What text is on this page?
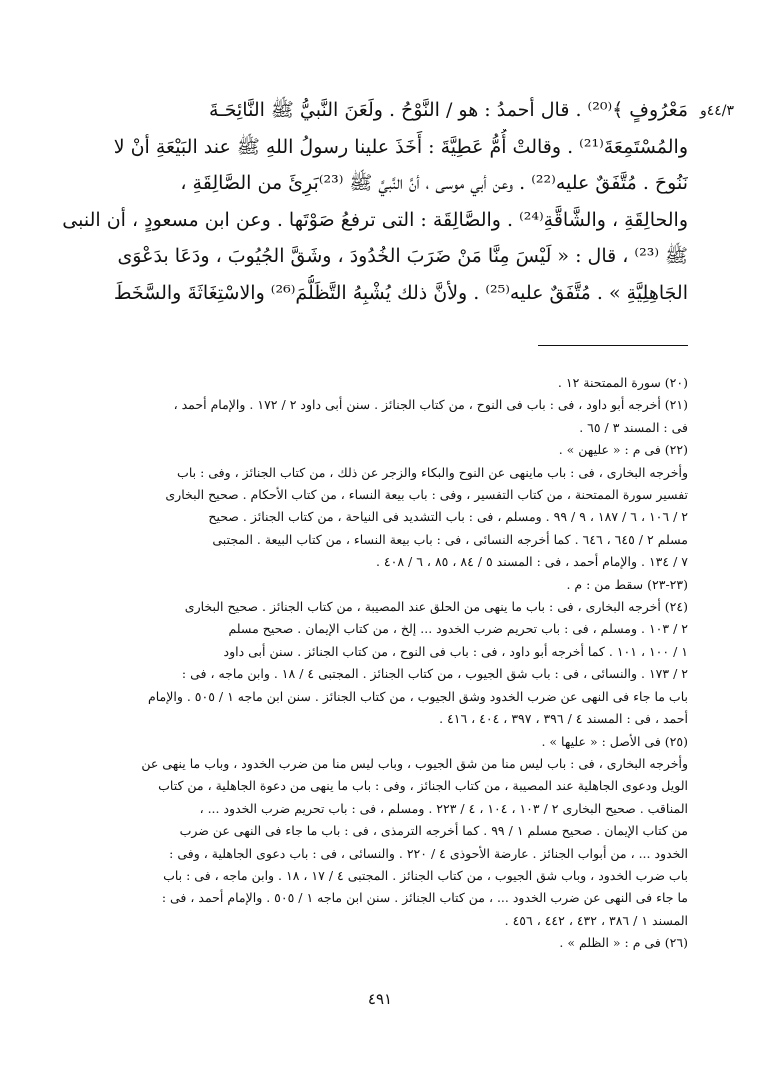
٤٤/٣و
مَعْرُوفٍ ﴾⁽²⁰⁾ . قال أحمدُ : هو / النَّوْحُ . ولَعَنَ النَّبيُّ ﷺ النَّائِحَـةَ
والمُسْتَمِعَةَ⁽²¹⁾ . وقالتْ أُمُّ عَطِيَّةَ : أَخَذَ علينا رسولُ اللهِ ﷺ عند البَيْعَةِ أنْ لا
نَنُوحَ . مُتَّفَقٌ عليه⁽²²⁾ . وعن أبي موسى ، أنَّ النَّبيَّ ﷺ ⁽²³⁾بَرِئَ من الصَّالِقَةِ ،
والحالِقَةِ ، والشَّاقَّةِ⁽²⁴⁾ . والصَّالِقَة : التى ترفعُ صَوْتَها . وعن ابن مسعودٍ ، أن النبى
ﷺ ⁽²³⁾ ، قال : « لَيْسَ مِنَّا مَنْ ضَرَبَ الخُدُودَ ، وشَقَّ الجُيُوبَ ، ودَعَا بدَعْوَى
الجَاهِلِيَّةِ » . مُتَّفَقٌ عليه⁽²⁵⁾ . ولأنَّ ذلك يُشْبِهُ التَّظَلُّمَ⁽²⁶⁾ والاسْتِغَاثَةَ والسَّخَطَ
(٢٠) سورة الممتحنة ١٢ .
(٢١) أخرجه أبو داود ، فى : باب فى النوح ، من كتاب الجنائز . سنن أبى داود ٢ / ١٧٢ . والإمام أحمد ،
فى : المسند ٣ / ٦٥ .
(٢٢) فى م : « عليهن » .
وأخرجه البخارى ، فى : باب ماينهى عن النوح والبكاء والزجر عن ذلك ، من كتاب الجنائز ، وفى : باب
تفسير سورة الممتحنة ، من كتاب التفسير ، وفى : باب بيعة النساء ، من كتاب الأحكام . صحيح البخارى
٢ / ١٠٦ ، ٦ / ١٨٧ ، ٩ / ٩٩ . ومسلم ، فى : باب التشديد فى النياحة ، من كتاب الجنائز . صحيح
مسلم ٢ / ٦٤٥ ، ٦٤٦ . كما أخرجه النسائى ، فى : باب بيعة النساء ، من كتاب البيعة . المجتبى
٧ / ١٣٤ . والإمام أحمد ، فى : المسند ٥ / ٨٤ ، ٨٥ ، ٦ / ٤٠٨ .
(٢٣-٢٣) سقط من : م .
(٢٤) أخرجه البخارى ، فى : باب ما ينهى من الحلق عند المصيبة ، من كتاب الجنائز . صحيح البخارى
٢ / ١٠٣ . ومسلم ، فى : باب تحريم ضرب الخدود ... إلخ ، من كتاب الإيمان . صحيح مسلم
١ / ١٠٠ ، ١٠١ . كما أخرجه أبو داود ، فى : باب فى النوح ، من كتاب الجنائز . سنن أبى داود
٢ / ١٧٣ . والنسائى ، فى : باب شق الجيوب ، من كتاب الجنائز . المجتبى ٤ / ١٨ . وابن ماجه ، فى :
باب ما جاء فى النهى عن ضرب الخدود وشق الجيوب ، من كتاب الجنائز . سنن ابن ماجه ١ / ٥٠٥ . والإمام
أحمد ، فى : المسند ٤ / ٣٩٦ ، ٣٩٧ ، ٤٠٤ ، ٤١٦ .
(٢٥) فى الأصل : « عليها » .
وأخرجه البخارى ، فى : باب ليس منا من شق الجيوب ، وباب ليس منا من ضرب الخدود ، وباب ما ينهى عن
الويل ودعوى الجاهلية عند المصيبة ، من كتاب الجنائز ، وفى : باب ما ينهى من دعوة الجاهلية ، من كتاب
المناقب . صحيح البخارى ٢ / ١٠٣ ، ١٠٤ ، ٤ / ٢٢٣ . ومسلم ، فى : باب تحريم ضرب الخدود ... ،
من كتاب الإيمان . صحيح مسلم ١ / ٩٩ . كما أخرجه الترمذى ، فى : باب ما جاء فى النهى عن ضرب
الخدود ... ، من أبواب الجنائز . عارضة الأحوذى ٤ / ٢٢٠ . والنسائى ، فى : باب دعوى الجاهلية ، وفى :
باب ضرب الخدود ، وباب شق الجيوب ، من كتاب الجنائز . المجتبى ٤ / ١٧ ، ١٨ . وابن ماجه ، فى : باب
ما جاء فى النهى عن ضرب الخدود ... ، من كتاب الجنائز . سنن ابن ماجه ١ / ٥٠٥ . والإمام أحمد ، فى :
المسند ١ / ٣٨٦ ، ٤٣٢ ، ٤٤٢ ، ٤٥٦ .
(٢٦) فى م : « الظلم » .
٤٩١
